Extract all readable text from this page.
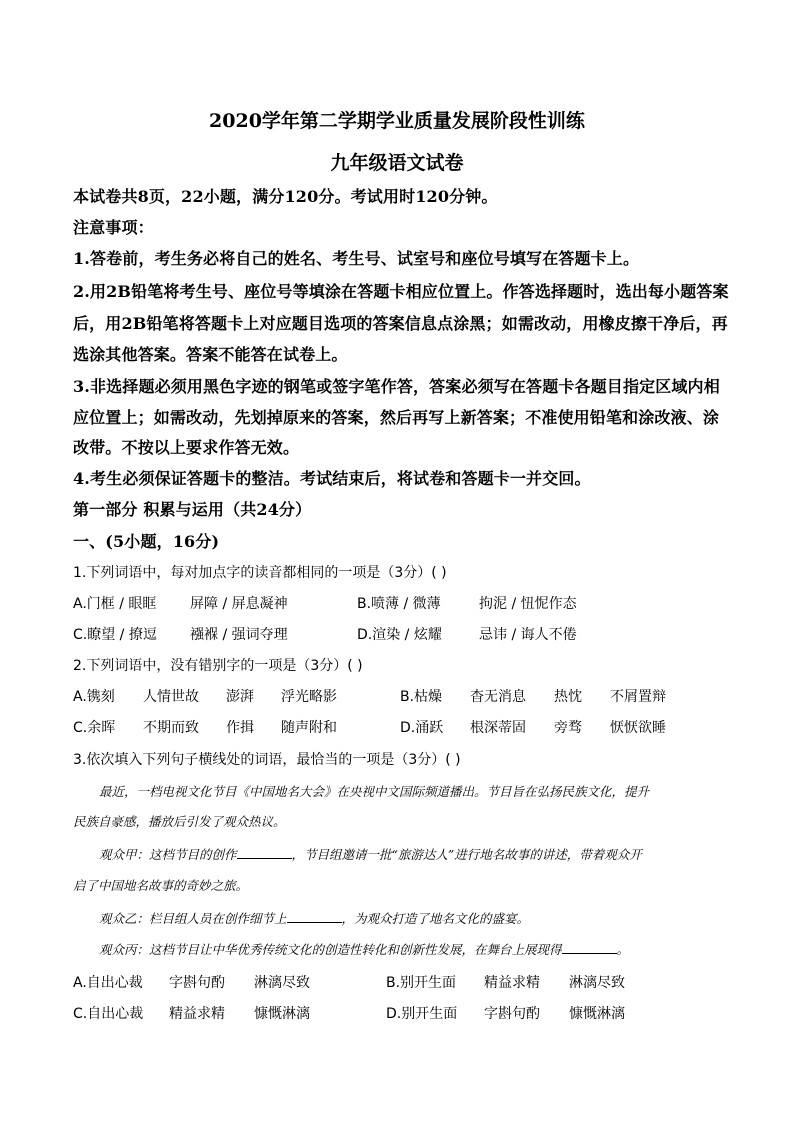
2020学年第二学期学业质量发展阶段性训练
九年级语文试卷
本试卷共8页，22小题，满分120分。考试用时120分钟。
注意事项：
1.答卷前，考生务必将自己的姓名、考生号、试室号和座位号填写在答题卡上。
2.用2B铅笔将考生号、座位号等填涂在答题卡相应位置上。作答选择题时，选出每小题答案
后，用2B铅笔将答题卡上对应题目选项的答案信息点涂黑；如需改动，用橡皮擦干净后，再
选涂其他答案。答案不能答在试卷上。
3.非选择题必须用黑色字迹的钢笔或签字笔作答，答案必须写在答题卡各题目指定区域内相
应位置上；如需改动，先划掉原来的答案，然后再写上新答案；不准使用铅笔和涂改液、涂
改带。不按以上要求作答无效。
4.考生必须保证答题卡的整洁。考试结束后，将试卷和答题卡一并交回。
第一部分 积累与运用（共24分）
一、(5小题，16分)
1.下列词语中，每对加点字的读音都相同的一项是（3分）( )
A.门框 / 眼眶 屏障 / 屏息凝神	B.喷薄 / 微薄	拘泥 / 忸怩作态
C.瞭望 / 撩逗 襁褓 / 强词夺理	D.渲染 / 炫耀	忌讳 / 诲人不倦
2.下列词语中，没有错别字的一项是（3分）( )
A.镌刻 人情世故 澎湃 浮光略影	B.枯燥 杳无消息 热忱 不屑置辩
C.余晖 不期而致 作揖 随声附和	D.涌跃 根深蒂固 旁骛 恹恹欲睡
3.依次填入下列句子横线处的词语，最恰当的一项是（3分）( )
最近，一档电视文化节目《中国地名大会》在央视中文国际频道播出。节目旨在弘扬民族文化，提升
民族自豪感，播放后引发了观众热议。
观众甲：这档节目的创作	，节目组邀请一批“旅游达人”进行地名故事的讲述，带着观众开
启了中国地名故事的奇妙之旅。
观众乙：栏目组人员在创作细节上	，为观众打造了地名文化的盛宴。
观众丙：这档节目让中华优秀传统文化的创造性转化和创新性发展，在舞台上展现得	。
A.自出心裁 字斟句酌 淋漓尽致	B.别开生面 精益求精 淋漓尽致
C.自出心裁 精益求精 慷慨淋漓	D.别开生面 字斟句酌 慷慨淋漓
